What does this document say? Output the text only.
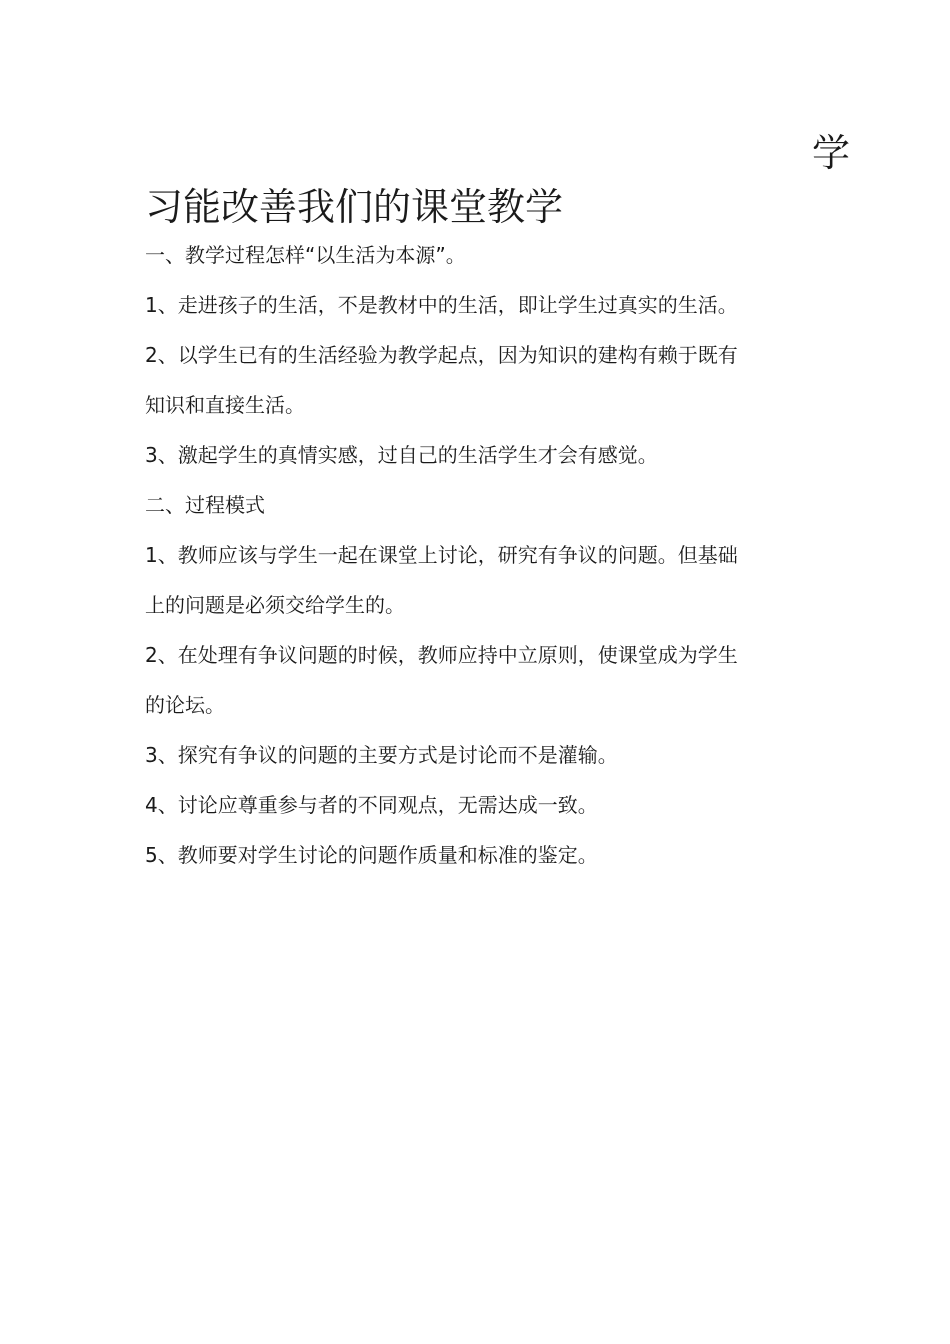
学
习能改善我们的课堂教学

一、教学过程怎样“以生活为本源”。

1、走进孩子的生活，不是教材中的生活，即让学生过真实的生活。

2、以学生已有的生活经验为教学起点，因为知识的建构有赖于既有

知识和直接生活。

3、激起学生的真情实感，过自己的生活学生才会有感觉。

二、过程模式

1、教师应该与学生一起在课堂上讨论，研究有争议的问题。但基础

上的问题是必须交给学生的。

2、在处理有争议问题的时候，教师应持中立原则，使课堂成为学生

的论坛。

3、探究有争议的问题的主要方式是讨论而不是灌输。

4、讨论应尊重参与者的不同观点，无需达成一致。

5、教师要对学生讨论的问题作质量和标准的鉴定。
